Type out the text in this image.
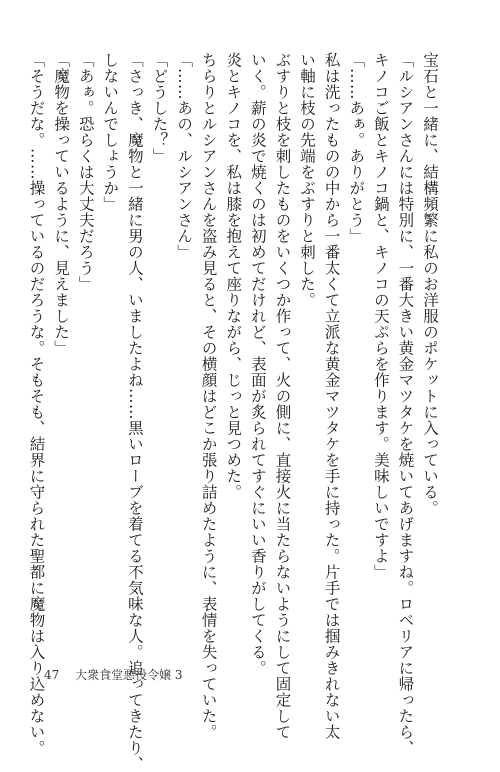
宝石と一緒に、結構頻繁に私のお洋服のポケットに入っている。
「ルシアンさんには特別に、一番大きい黄金マツタケを焼いてあげますね。ロベリアに帰ったら、
キノコご飯とキノコ鍋と、キノコの天ぷらを作ります。美味しいですよ」
「……あぁ。ありがとう」
私は洗ったものの中から一番太くて立派な黄金マツタケを手に持った。片手では掴みきれない太
い軸に枝の先端をぶすりと刺した。
ぶすりと枝を刺したものをいくつか作って、火の側に、直接火に当たらないようにして固定して
いく。薪の炎で焼くのは初めてだけれど、表面が炙られてすぐにいい香りがしてくる。
炎とキノコを、私は膝を抱えて座りながら、じっと見つめた。
ちらりとルシアンさんを盗み見ると、その横顔はどこか張り詰めたように、表情を失っていた。
「……あの、ルシアンさん」
「どうした？」
「さっき、魔物と一緒に男の人、いましたよね……黒いローブを着てる不気味な人。追ってきたり、
しないんでしょうか」
「あぁ。恐らくは大丈夫だろう」
「魔物を操っているように、見えました」
「そうだな。……操っているのだろうな。そもそも、結界に守られた聖都に魔物は入り込めない。
47 大衆食堂悪役令嬢 3
